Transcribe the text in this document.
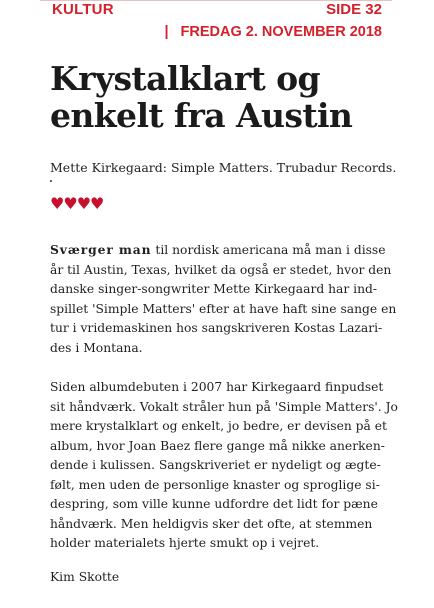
KULTUR	SIDE 32
| FREDAG 2. NOVEMBER 2018
Krystalklart og enkelt fra Austin
Mette Kirkegaard: Simple Matters. Trubadur Records.
♥♥♥♥

Sværger man til nordisk americana må man i disse
år til Austin, Texas, hvilket da også er stedet, hvor den
danske singer-songwriter Mette Kirkegaard har ind-
spillet 'Simple Matters' efter at have haft sine sange en
tur i vridemaskinen hos sangskriveren Kostas Lazari-
des i Montana.

Siden albumdebuten i 2007 har Kirkegaard finpudset
sit håndværk. Vokalt stråler hun på 'Simple Matters'. Jo
mere krystalklart og enkelt, jo bedre, er devisen på et
album, hvor Joan Baez flere gange må nikke anerken-
dende i kulissen. Sangskriveriet er nydeligt og ægte-
følt, men uden de personlige knaster og sproglige si-
despring, som ville kunne udfordre det lidt for pæne
håndværk. Men heldigvis sker det ofte, at stemmen
holder materialets hjerte smukt op i vejret.

Kim Skotte
